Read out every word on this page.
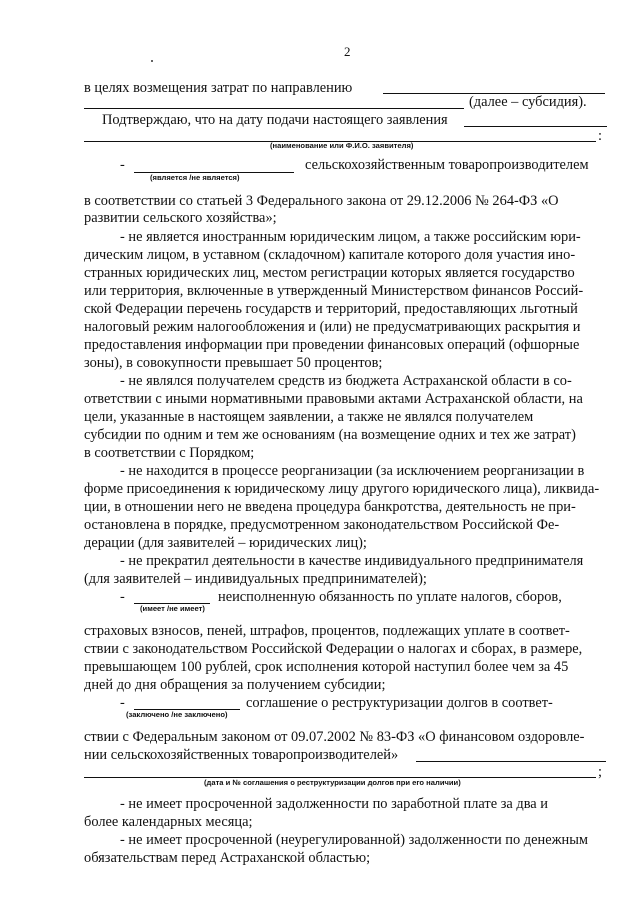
2
в целях возмещения затрат по направлению
(далее – субсидия).
Подтверждаю, что на дату подачи настоящего заявления
:
(наименование или Ф.И.О. заявителя)
-	сельскохозяйственным товаропроизводителем
(является /не является)
в соответствии со статьей 3 Федерального закона от 29.12.2006 № 264-ФЗ «О
развитии сельского хозяйства»;
- не является иностранным юридическим лицом, а также российским юри-
дическим лицом, в уставном (складочном) капитале которого доля участия ино-
странных юридических лиц, местом регистрации которых является государство
или территория, включенные в утвержденный Министерством финансов Россий-
ской Федерации перечень государств и территорий, предоставляющих льготный
налоговый режим налогообложения и (или) не предусматривающих раскрытия и
предоставления информации при проведении финансовых операций (офшорные
зоны), в совокупности превышает 50 процентов;
- не являлся получателем средств из бюджета Астраханской области в со-
ответствии с иными нормативными правовыми актами Астраханской области, на
цели, указанные в настоящем заявлении, а также не являлся получателем
субсидии по одним и тем же основаниям (на возмещение одних и тех же затрат)
в соответствии с Порядком;
- не находится в процессе реорганизации (за исключением реорганизации в
форме присоединения к юридическому лицу другого юридического лица), ликвида-
ции, в отношении него не введена процедура банкротства, деятельность не при-
остановлена в порядке, предусмотренном законодательством Российской Фе-
дерации (для заявителей – юридических лиц);
- не прекратил деятельности в качестве индивидуального предпринимателя
(для заявителей – индивидуальных предпринимателей);
-	неисполненную обязанность по уплате налогов, сборов,
(имеет /не имеет)
страховых взносов, пеней, штрафов, процентов, подлежащих уплате в соответ-
ствии с законодательством Российской Федерации о налогах и сборах, в размере,
превышающем 100 рублей, срок исполнения которой наступил более чем за 45
дней до дня обращения за получением субсидии;
-	соглашение о реструктуризации долгов в соответ-
(заключено /не заключено)
ствии с Федеральным законом от 09.07.2002 № 83-ФЗ «О финансовом оздоровле-
нии сельскохозяйственных товаропроизводителей»
;
(дата и № соглашения о реструктуризации долгов при его наличии)
- не имеет просроченной задолженности по заработной плате за два и
более календарных месяца;
- не имеет просроченной (неурегулированной) задолженности по денежным
обязательствам перед Астраханской областью;
